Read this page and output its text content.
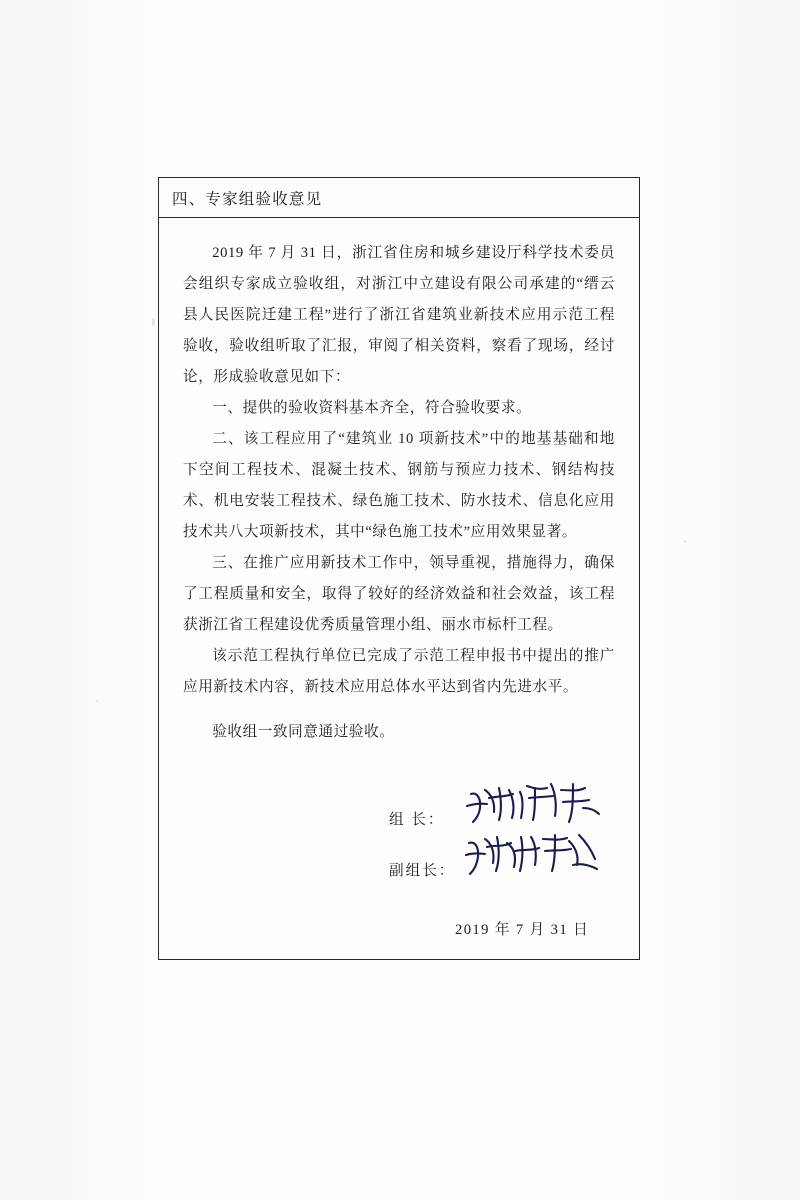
四、专家组验收意见

2019 年 7 月 31 日，浙江省住房和城乡建设厅科学技术委员会组织专家成立验收组，对浙江中立建设有限公司承建的“缙云县人民医院迁建工程”进行了浙江省建筑业新技术应用示范工程验收，验收组听取了汇报，审阅了相关资料，察看了现场，经讨论，形成验收意见如下：

一、提供的验收资料基本齐全，符合验收要求。

二、该工程应用了“建筑业 10 项新技术”中的地基基础和地下空间工程技术、混凝土技术、钢筋与预应力技术、钢结构技术、机电安装工程技术、绿色施工技术、防水技术、信息化应用技术共八大项新技术，其中“绿色施工技术”应用效果显著。

三、在推广应用新技术工作中，领导重视，措施得力，确保了工程质量和安全，取得了较好的经济效益和社会效益，该工程获浙江省工程建设优秀质量管理小组、丽水市标杆工程。

该示范工程执行单位已完成了示范工程申报书中提出的推广应用新技术内容，新技术应用总体水平达到省内先进水平。

验收组一致同意通过验收。

组 长：
副组长：
2019 年 7 月 31 日
